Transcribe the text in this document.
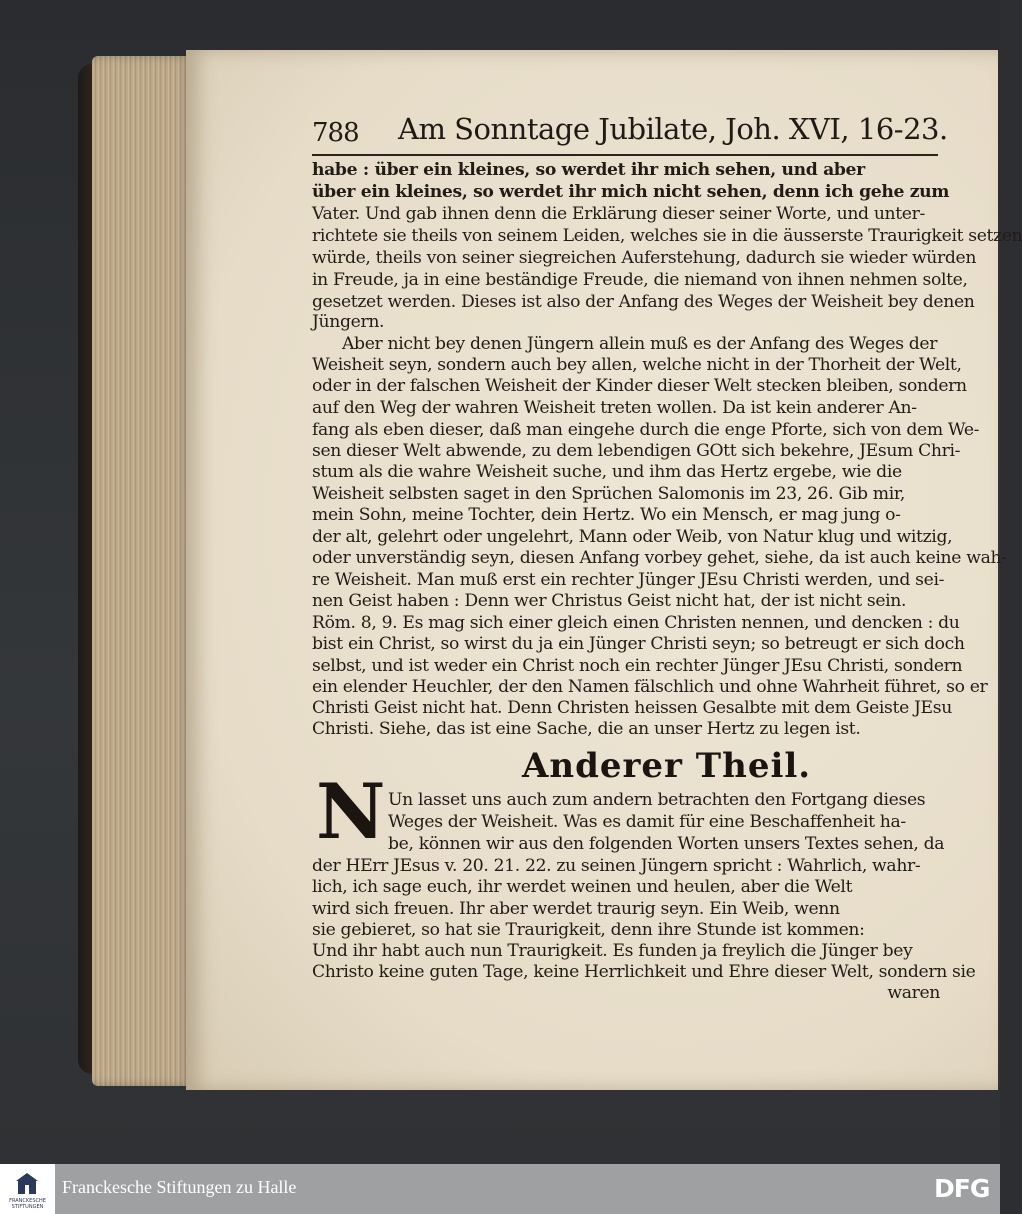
788 Am Sonntage Jubilate, Joh. XVI, 16-23.
habe : über ein kleines, so werdet ihr mich sehen, und aber
über ein kleines, so werdet ihr mich nicht sehen, denn ich gehe zum
Vater. Und gab ihnen denn die Erklärung dieser seiner Worte, und unter-
richtete sie theils von seinem Leiden, welches sie in die äusserste Traurigkeit setzen
würde, theils von seiner siegreichen Auferstehung, dadurch sie wieder würden
in Freude, ja in eine beständige Freude, die niemand von ihnen nehmen solte,
gesetzet werden. Dieses ist also der Anfang des Weges der Weisheit bey denen
Jüngern.
Aber nicht bey denen Jüngern allein muß es der Anfang des Weges der
Weisheit seyn, sondern auch bey allen, welche nicht in der Thorheit der Welt,
oder in der falschen Weisheit der Kinder dieser Welt stecken bleiben, sondern
auf den Weg der wahren Weisheit treten wollen. Da ist kein anderer An-
fang als eben dieser, daß man eingehe durch die enge Pforte, sich von dem We-
sen dieser Welt abwende, zu dem lebendigen GOtt sich bekehre, JEsum Chri-
stum als die wahre Weisheit suche, und ihm das Hertz ergebe, wie die
Weisheit selbsten saget in den Sprüchen Salomonis im 23, 26. Gib mir,
mein Sohn, meine Tochter, dein Hertz. Wo ein Mensch, er mag jung o-
der alt, gelehrt oder ungelehrt, Mann oder Weib, von Natur klug und witzig,
oder unverständig seyn, diesen Anfang vorbey gehet, siehe, da ist auch keine wah-
re Weisheit. Man muß erst ein rechter Jünger JEsu Christi werden, und sei-
nen Geist haben : Denn wer Christus Geist nicht hat, der ist nicht sein.
Röm. 8, 9. Es mag sich einer gleich einen Christen nennen, und dencken : du
bist ein Christ, so wirst du ja ein Jünger Christi seyn; so betreugt er sich doch
selbst, und ist weder ein Christ noch ein rechter Jünger JEsu Christi, sondern
ein elender Heuchler, der den Namen fälschlich und ohne Wahrheit führet, so er
Christi Geist nicht hat. Denn Christen heissen Gesalbte mit dem Geiste JEsu
Christi. Siehe, das ist eine Sache, die an unser Hertz zu legen ist.
Anderer Theil.
N Un lasset uns auch zum andern betrachten den Fortgang dieses
Weges der Weisheit. Was es damit für eine Beschaffenheit ha-
be, können wir aus den folgenden Worten unsers Textes sehen, da
der HErr JEsus v. 20. 21. 22. zu seinen Jüngern spricht : Wahrlich, wahr-
lich, ich sage euch, ihr werdet weinen und heulen, aber die Welt
wird sich freuen. Ihr aber werdet traurig seyn. Ein Weib, wenn
sie gebieret, so hat sie Traurigkeit, denn ihre Stunde ist kommen:
Und ihr habt auch nun Traurigkeit. Es funden ja freylich die Jünger bey
Christo keine guten Tage, keine Herrlichkeit und Ehre dieser Welt, sondern sie
waren
FRANCKESCHE STIFTUNGEN
Franckesche Stiftungen zu Halle	DFG
